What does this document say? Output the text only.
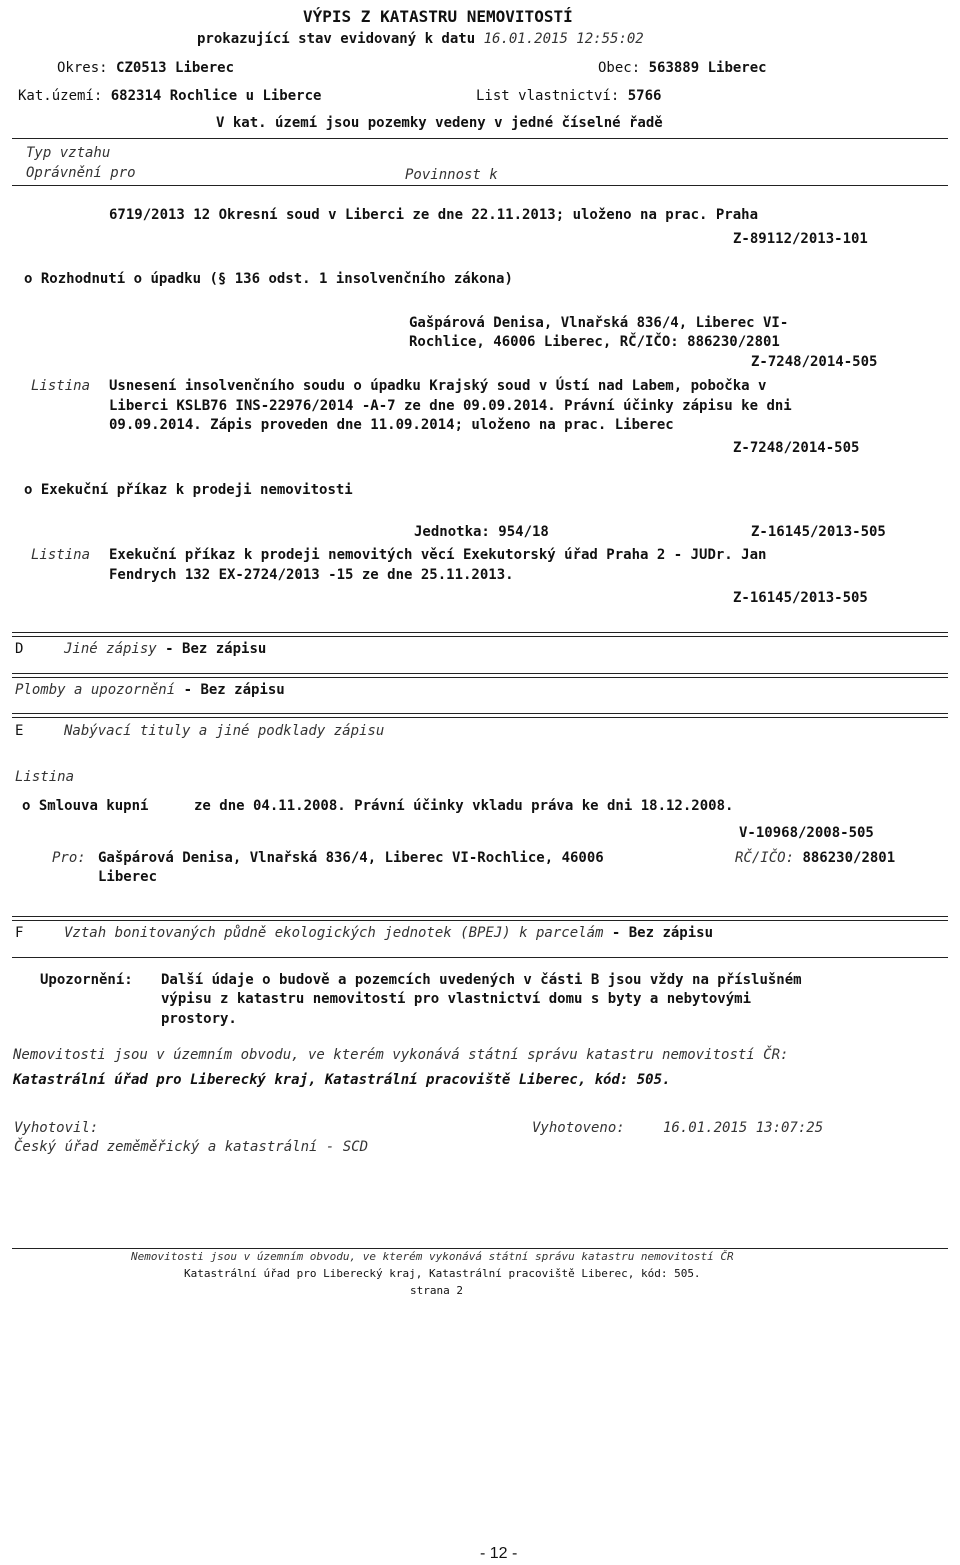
VÝPIS Z KATASTRU NEMOVITOSTÍ
prokazující stav evidovaný k datu 16.01.2015 12:55:02
Okres: CZ0513 Liberec	Obec: 563889 Liberec
Kat.území: 682314 Rochlice u Liberce	List vlastnictví: 5766
V kat. území jsou pozemky vedeny v jedné číselné řadě
Typ vztahu
Oprávnění pro	Povinnost k
6719/2013 12 Okresní soud v Liberci ze dne 22.11.2013; uloženo na prac. Praha
Z-89112/2013-101
o Rozhodnutí o úpadku (§ 136 odst. 1 insolvenčního zákona)
Gašpárová Denisa, Vlnařská 836/4, Liberec VI-
Rochlice, 46006 Liberec, RČ/IČO: 886230/2801
Z-7248/2014-505
Listina Usnesení insolvenčního soudu o úpadku Krajský soud v Ústí nad Labem, pobočka v
Liberci KSLB76 INS-22976/2014 -A-7 ze dne 09.09.2014. Právní účinky zápisu ke dni
09.09.2014. Zápis proveden dne 11.09.2014; uloženo na prac. Liberec
Z-7248/2014-505
o Exekuční příkaz k prodeji nemovitosti
Jednotka: 954/18	Z-16145/2013-505
Listina Exekuční příkaz k prodeji nemovitých věcí Exekutorský úřad Praha 2 - JUDr. Jan
Fendrych 132 EX-2724/2013 -15 ze dne 25.11.2013.
Z-16145/2013-505
D	Jiné zápisy - Bez zápisu
Plomby a upozornění - Bez zápisu
E	Nabývací tituly a jiné podklady zápisu
Listina
o Smlouva kupní	ze dne 04.11.2008. Právní účinky vkladu práva ke dni 18.12.2008.
V-10968/2008-505
Pro: Gašpárová Denisa, Vlnařská 836/4, Liberec VI-Rochlice, 46006
Liberec
RČ/IČO: 886230/2801
F	Vztah bonitovaných půdně ekologických jednotek (BPEJ) k parcelám - Bez zápisu
Upozornění: Další údaje o budově a pozemcích uvedených v části B jsou vždy na příslušném
výpisu z katastru nemovitostí pro vlastnictví domu s byty a nebytovými
prostory.
Nemovitosti jsou v územním obvodu, ve kterém vykonává státní správu katastru nemovitostí ČR:
Katastrální úřad pro Liberecký kraj, Katastrální pracoviště Liberec, kód: 505.
Vyhotovil:
Český úřad zeměměřický a katastrální - SCD
Vyhotoveno:	16.01.2015 13:07:25
Nemovitosti jsou v územním obvodu, ve kterém vykonává státní správu katastru nemovitostí ČR
Katastrální úřad pro Liberecký kraj, Katastrální pracoviště Liberec, kód: 505.
strana 2
- 12 -
